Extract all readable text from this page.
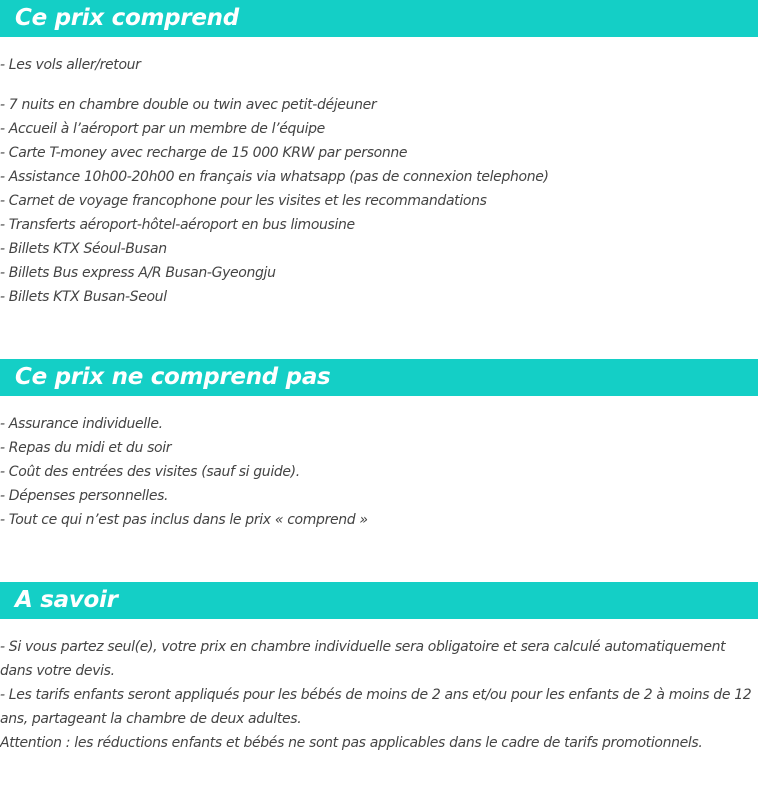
Ce prix comprend
- Les vols aller/retour
- 7 nuits en chambre double ou twin avec petit-déjeuner
- Accueil à l’aéroport par un membre de l’équipe
- Carte T-money avec recharge de 15 000 KRW par personne
- Assistance 10h00-20h00 en français via whatsapp (pas de connexion telephone)
- Carnet de voyage francophone pour les visites et les recommandations
- Transferts aéroport-hôtel-aéroport en bus limousine
- Billets KTX Séoul-Busan
- Billets Bus express A/R Busan-Gyeongju
- Billets KTX Busan-Seoul
Ce prix ne comprend pas
- Assurance individuelle.
- Repas du midi et du soir
- Coût des entrées des visites (sauf si guide).
- Dépenses personnelles.
- Tout ce qui n’est pas inclus dans le prix « comprend »
A savoir
- Si vous partez seul(e), votre prix en chambre individuelle sera obligatoire et sera calculé automatiquement dans votre devis.
- Les tarifs enfants seront appliqués pour les bébés de moins de 2 ans et/ou pour les enfants de 2 à moins de 12 ans, partageant la chambre de deux adultes.
Attention : les réductions enfants et bébés ne sont pas applicables dans le cadre de tarifs promotionnels.
